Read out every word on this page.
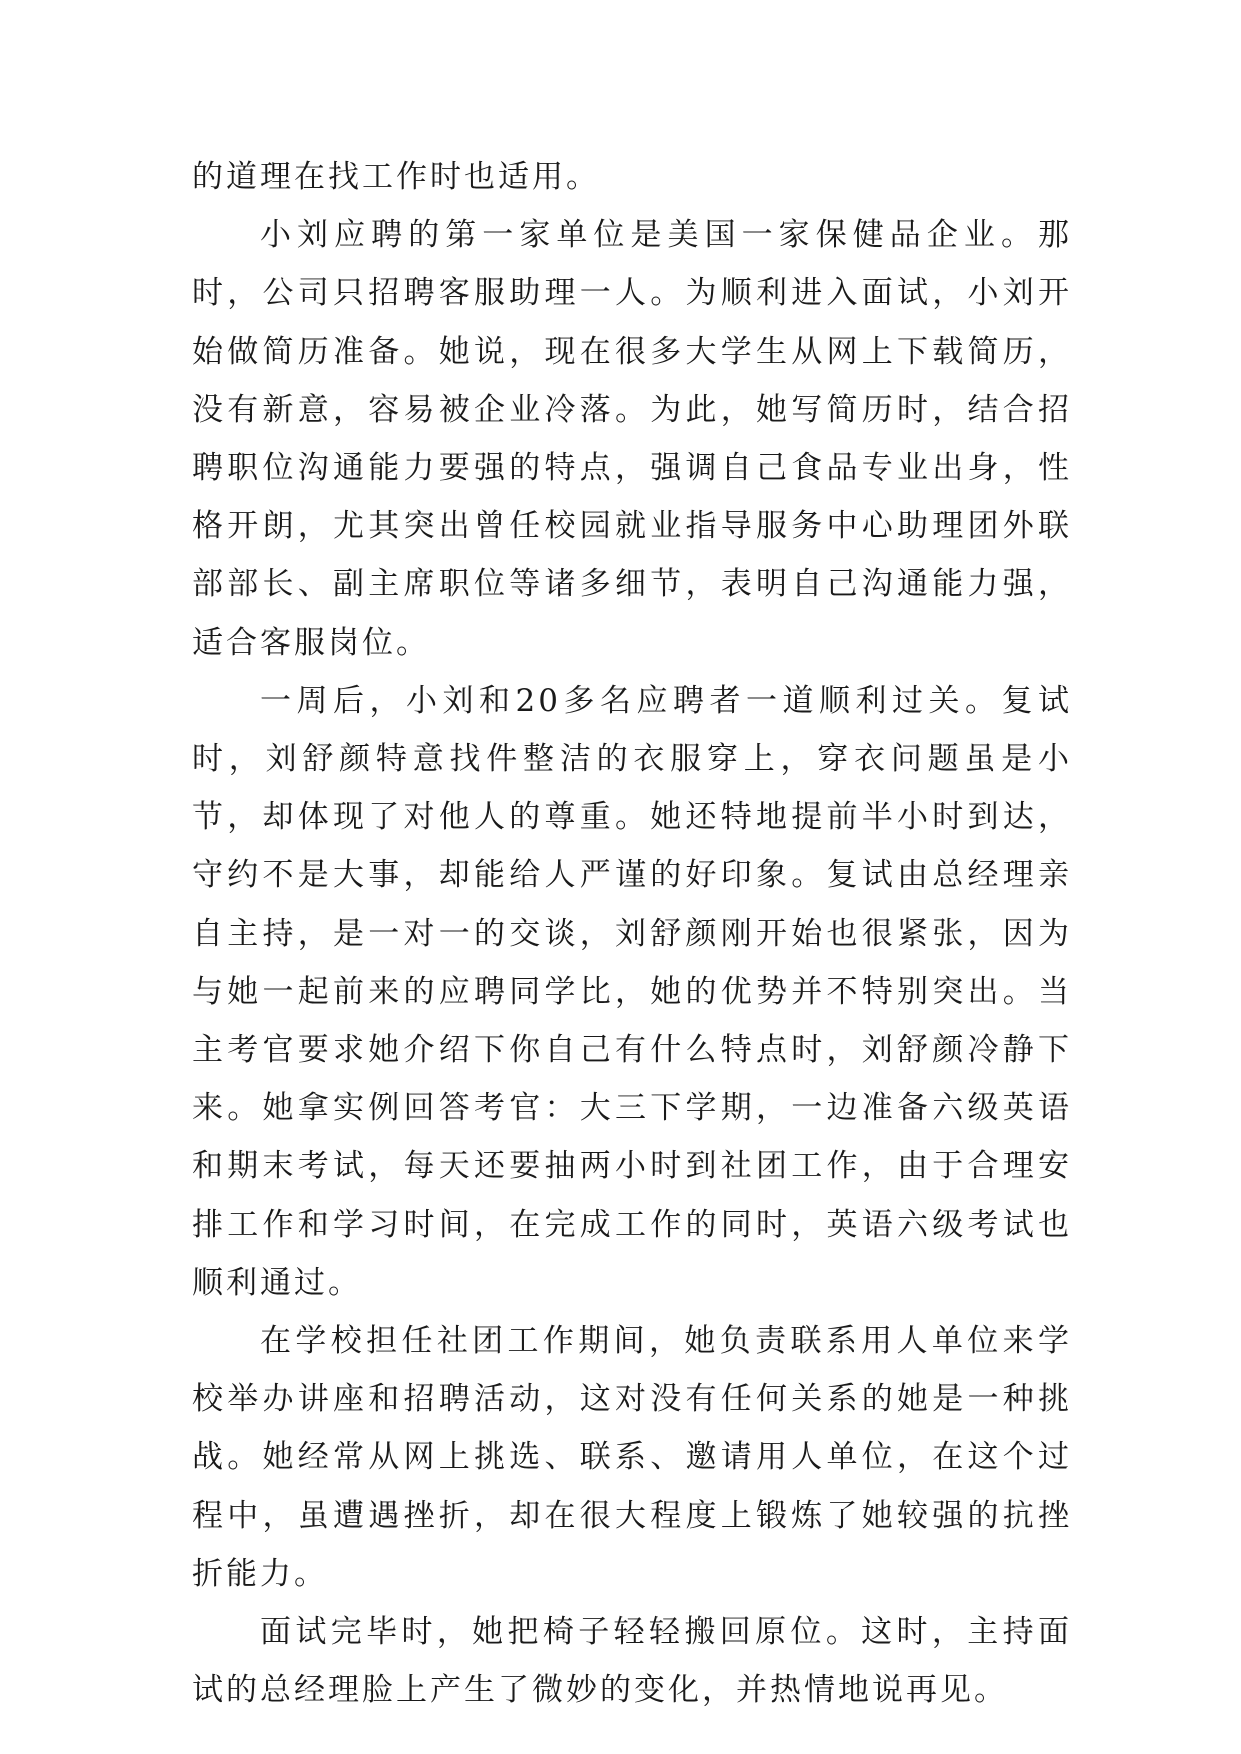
的道理在找工作时也适用。

小刘应聘的第一家单位是美国一家保健品企业。那时，公司只招聘客服助理一人。为顺利进入面试，小刘开始做简历准备。她说，现在很多大学生从网上下载简历，没有新意，容易被企业冷落。为此，她写简历时，结合招聘职位沟通能力要强的特点，强调自己食品专业出身，性格开朗，尤其突出曾任校园就业指导服务中心助理团外联部部长、副主席职位等诸多细节，表明自己沟通能力强，适合客服岗位。

一周后，小刘和20多名应聘者一道顺利过关。复试时，刘舒颜特意找件整洁的衣服穿上，穿衣问题虽是小节，却体现了对他人的尊重。她还特地提前半小时到达，守约不是大事，却能给人严谨的好印象。复试由总经理亲自主持，是一对一的交谈，刘舒颜刚开始也很紧张，因为与她一起前来的应聘同学比，她的优势并不特别突出。当主考官要求她介绍下你自己有什么特点时，刘舒颜冷静下来。她拿实例回答考官：大三下学期，一边准备六级英语和期末考试，每天还要抽两小时到社团工作，由于合理安排工作和学习时间，在完成工作的同时，英语六级考试也顺利通过。

在学校担任社团工作期间，她负责联系用人单位来学校举办讲座和招聘活动，这对没有任何关系的她是一种挑战。她经常从网上挑选、联系、邀请用人单位，在这个过程中，虽遭遇挫折，却在很大程度上锻炼了她较强的抗挫折能力。

面试完毕时，她把椅子轻轻搬回原位。这时，主持面试的总经理脸上产生了微妙的变化，并热情地说再见。
